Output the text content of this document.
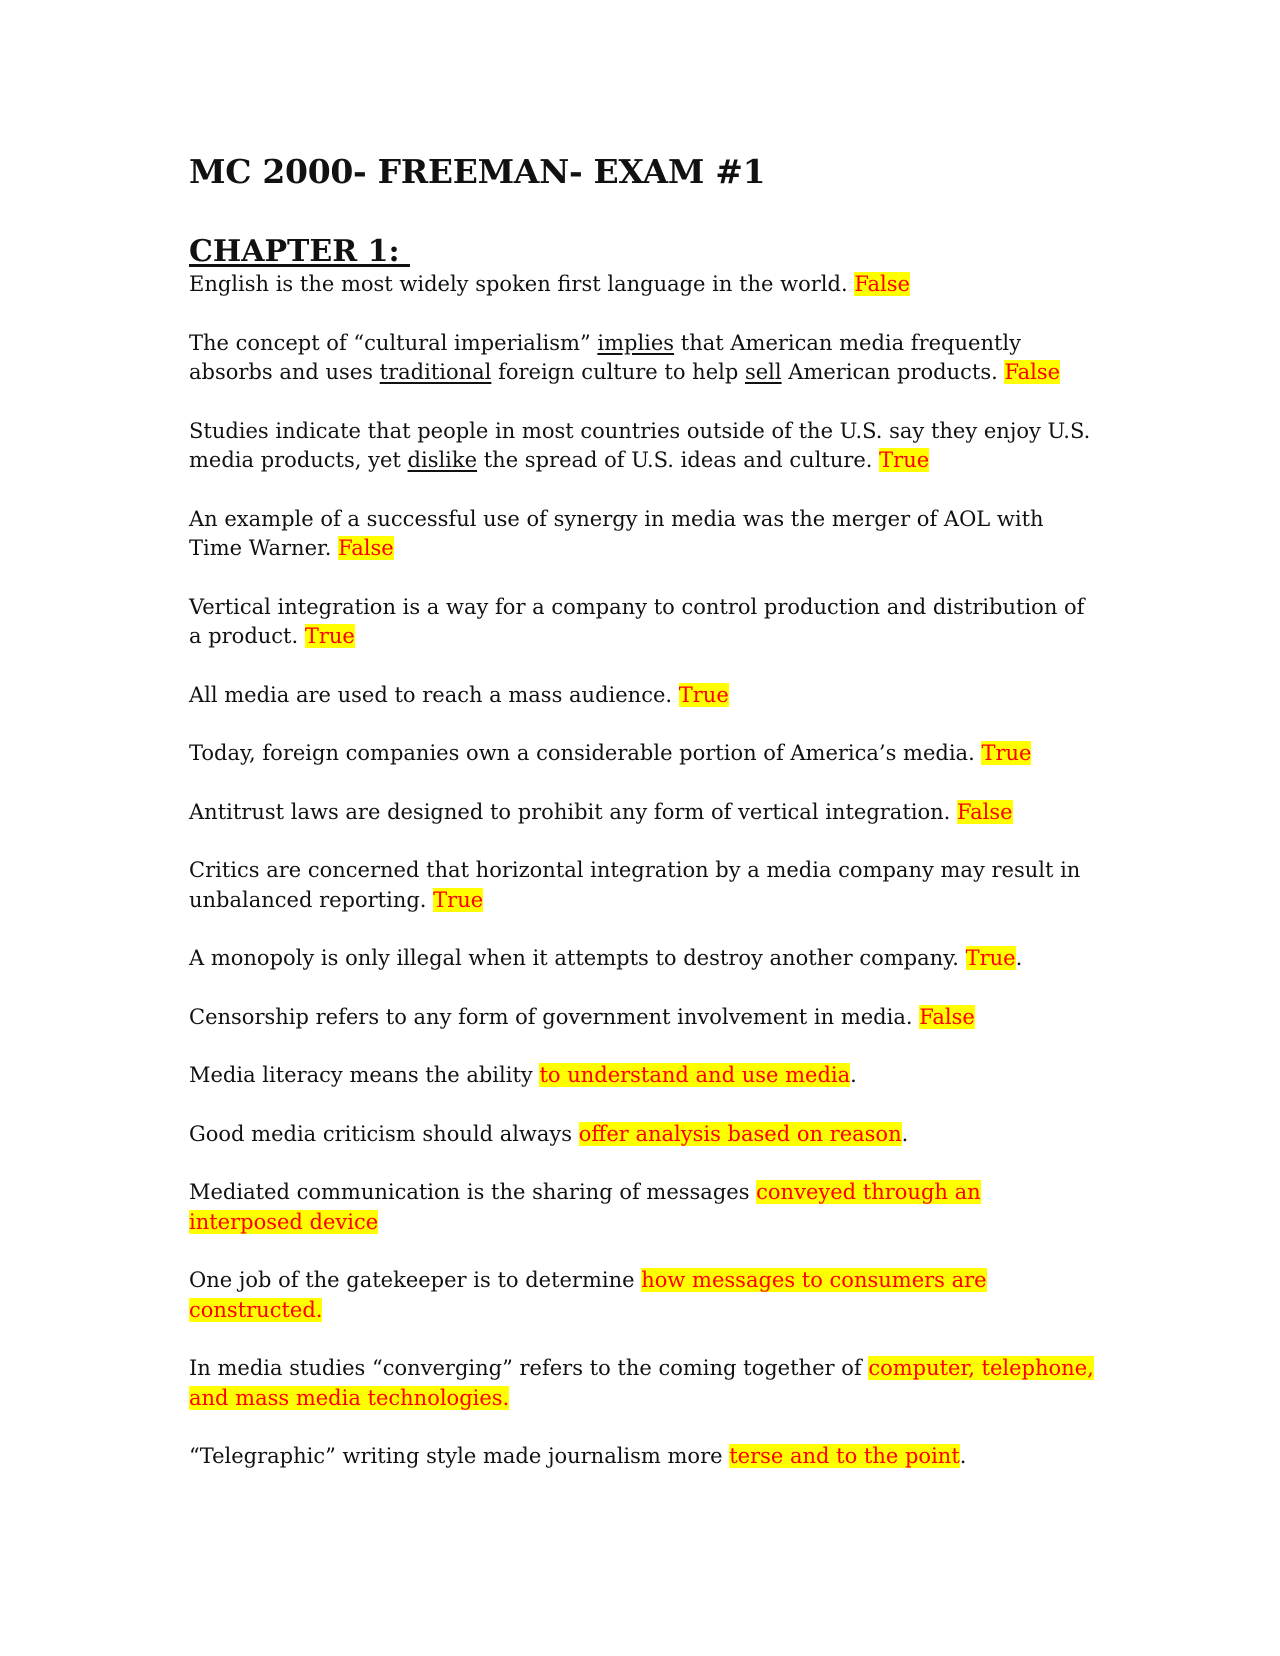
MC 2000- FREEMAN- EXAM #1
CHAPTER 1:

English is the most widely spoken first language in the world. False

The concept of “cultural imperialism” implies that American media frequently absorbs and uses traditional foreign culture to help sell American products. False

Studies indicate that people in most countries outside of the U.S. say they enjoy U.S. media products, yet dislike the spread of U.S. ideas and culture. True

An example of a successful use of synergy in media was the merger of AOL with Time Warner. False

Vertical integration is a way for a company to control production and distribution of a product. True

All media are used to reach a mass audience. True

Today, foreign companies own a considerable portion of America’s media. True

Antitrust laws are designed to prohibit any form of vertical integration. False

Critics are concerned that horizontal integration by a media company may result in unbalanced reporting. True

A monopoly is only illegal when it attempts to destroy another company. True.

Censorship refers to any form of government involvement in media. False

Media literacy means the ability to understand and use media.

Good media criticism should always offer analysis based on reason.

Mediated communication is the sharing of messages conveyed through an interposed device

One job of the gatekeeper is to determine how messages to consumers are constructed.

In media studies “converging” refers to the coming together of computer, telephone, and mass media technologies.

“Telegraphic” writing style made journalism more terse and to the point.
